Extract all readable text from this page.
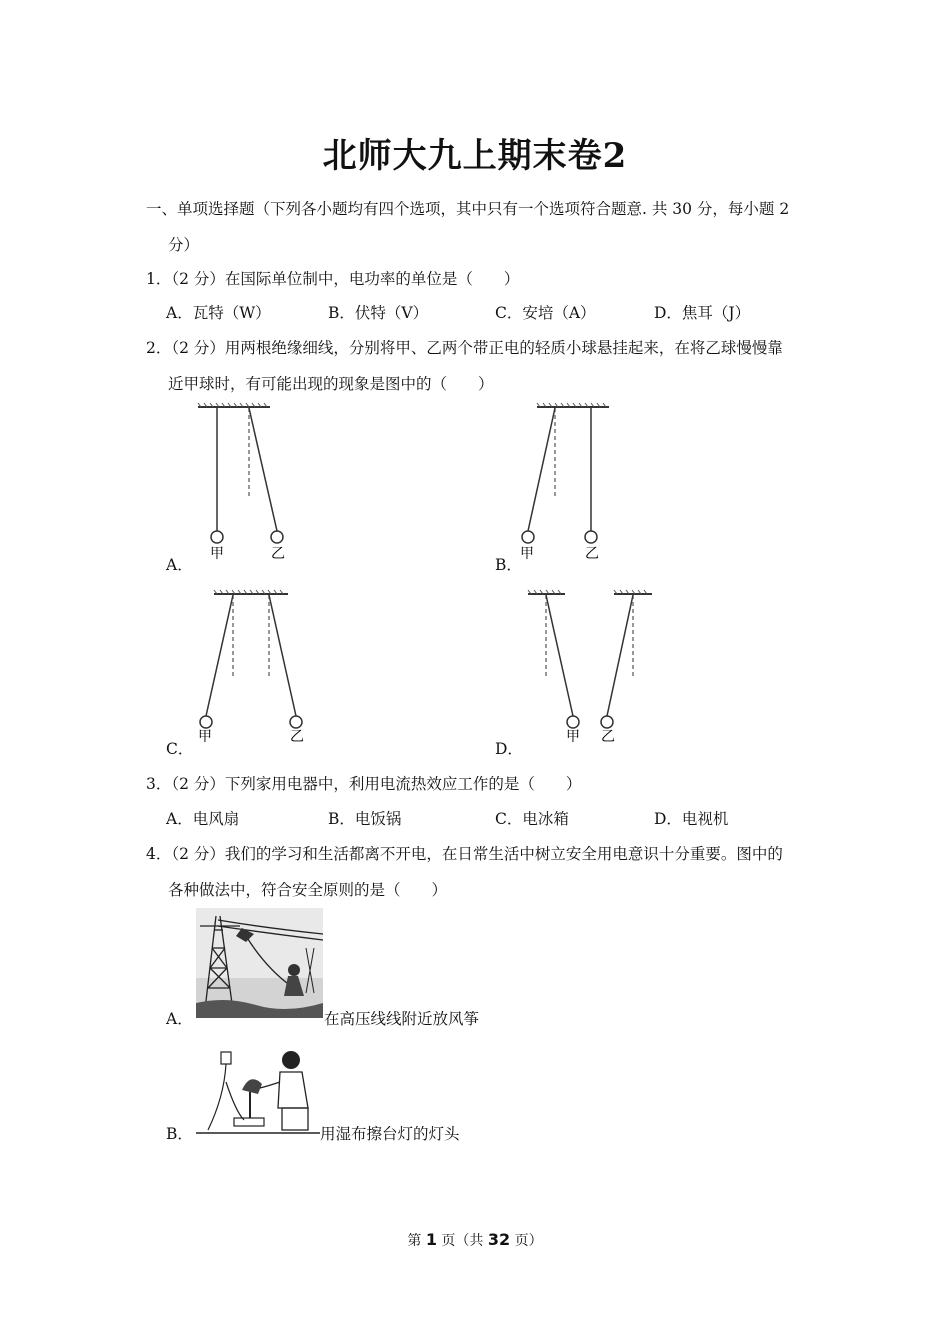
北师大九上期末卷2
一、单项选择题（下列各小题均有四个选项，其中只有一个选项符合题意. 共 30 分，每小题 2
分）
1．（2 分）在国际单位制中，电功率的单位是（　　）
A．瓦特（W）	B．伏特（V）	C．安培（A）	D．焦耳（J）
2．（2 分）用两根绝缘细线，分别将甲、乙两个带正电的轻质小球悬挂起来，在将乙球慢慢靠
近甲球时，有可能出现的现象是图中的（　　）
A．	B．
C．	D．
甲	乙	甲	乙
甲	乙	甲 乙
3．（2 分）下列家用电器中，利用电流热效应工作的是（　　）
A．电风扇	B．电饭锅	C．电冰箱	D．电视机
4．（2 分）我们的学习和生活都离不开电，在日常生活中树立安全用电意识十分重要。图中的
各种做法中，符合安全原则的是（　　）
A．	在高压线线附近放风筝
B．	用湿布擦台灯的灯头
第 1 页（共 32 页）
